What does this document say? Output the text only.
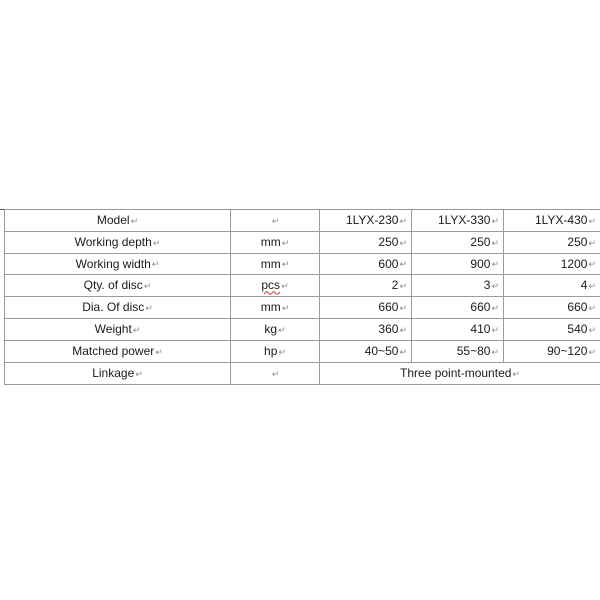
Model↵	↵	1LYX-230↵	1LYX-330↵	1LYX-430↵
Working depth↵	mm↵	250↵	250↵	250↵
Working width↵	mm↵	600↵	900↵	1200↵
Qty. of disc↵	pcs↵	2↵	3↵	4↵
Dia. Of disc↵	mm↵	660↵	660↵	660↵
Weight↵	kg↵	360↵	410↵	540↵
Matched power↵	hp↵	40~50↵	55~80↵	90~120↵
Linkage↵	↵	Three point-mounted↵		
